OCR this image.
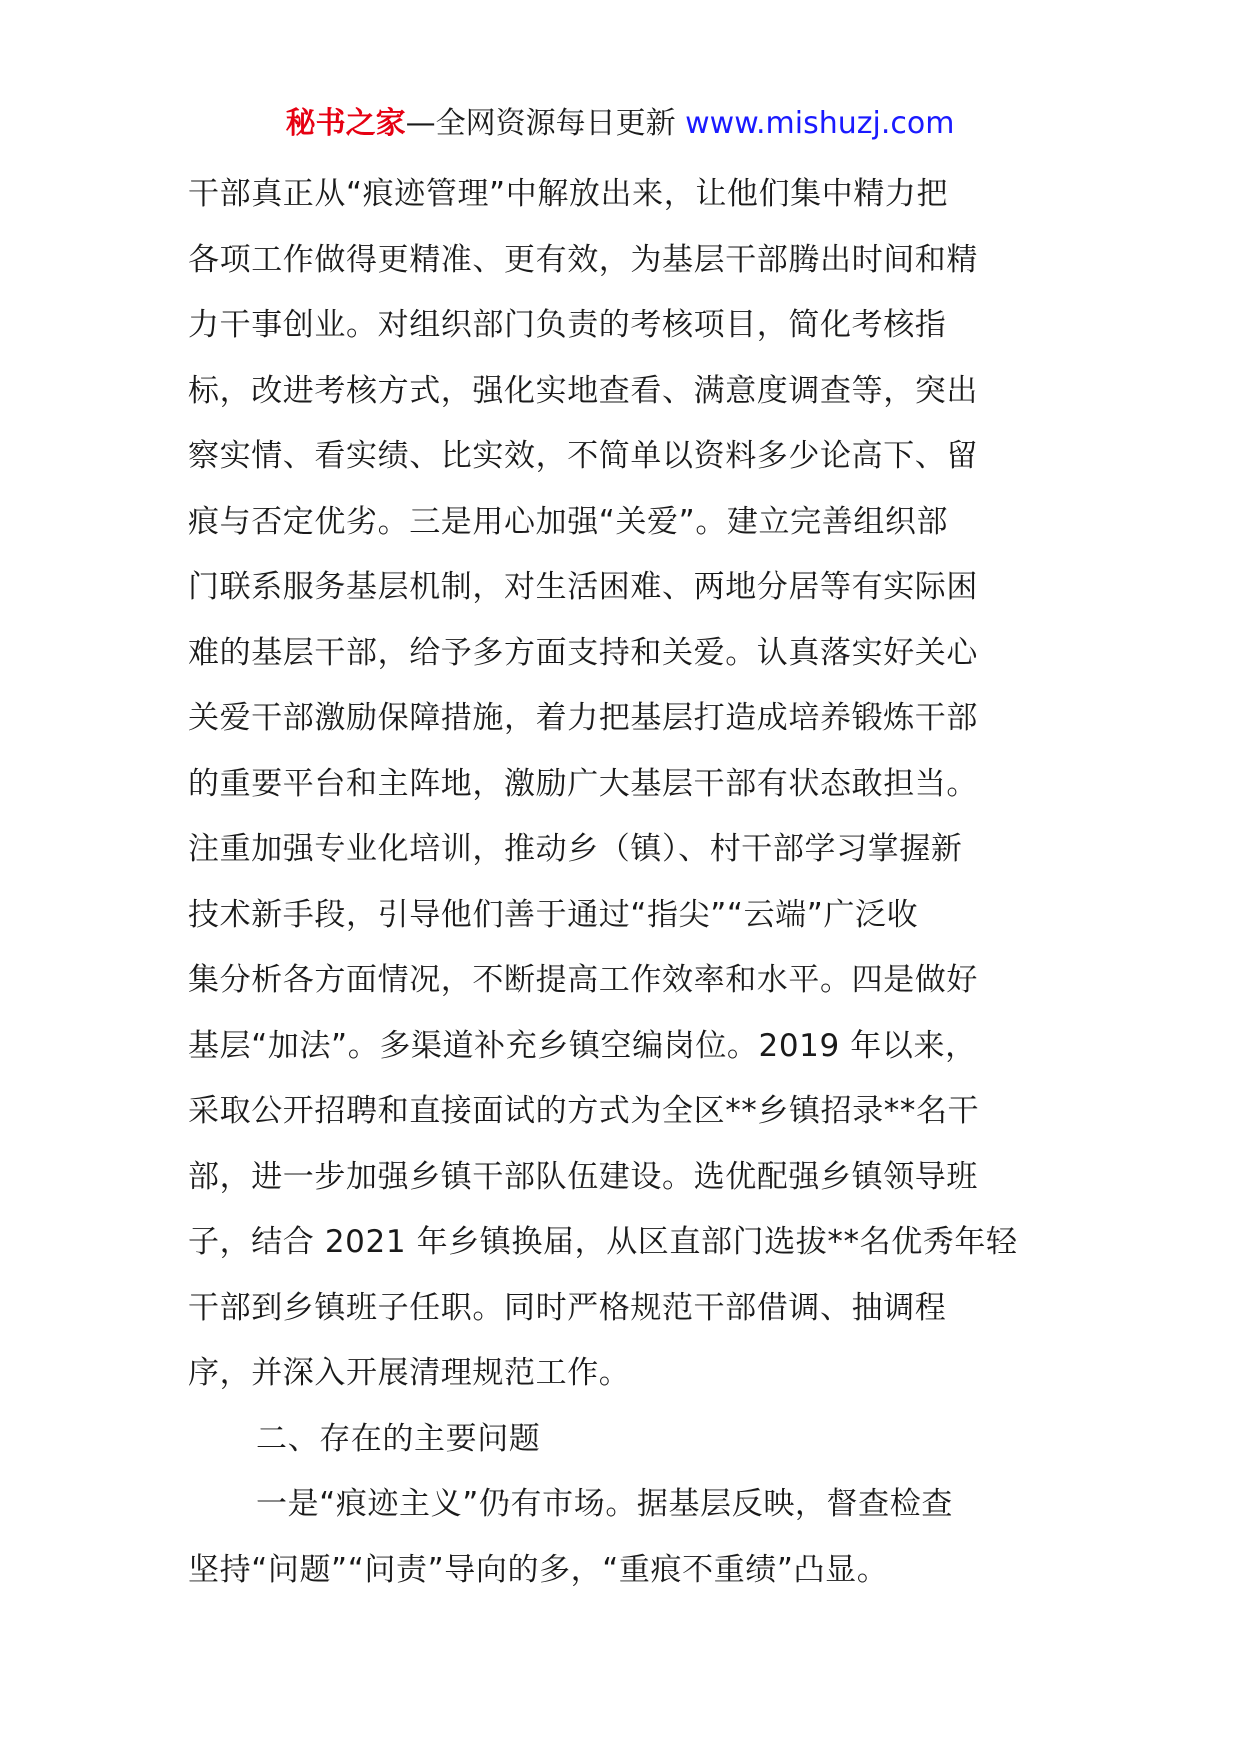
秘书之家—全网资源每日更新 www.mishuzj.com
干部真正从“痕迹管理”中解放出来，让他们集中精力把
各项工作做得更精准、更有效，为基层干部腾出时间和精
力干事创业。对组织部门负责的考核项目，简化考核指
标，改进考核方式，强化实地查看、满意度调查等，突出
察实情、看实绩、比实效，不简单以资料多少论高下、留
痕与否定优劣。三是用心加强“关爱”。建立完善组织部
门联系服务基层机制，对生活困难、两地分居等有实际困
难的基层干部，给予多方面支持和关爱。认真落实好关心
关爱干部激励保障措施，着力把基层打造成培养锻炼干部
的重要平台和主阵地，激励广大基层干部有状态敢担当。
注重加强专业化培训，推动乡（镇）、村干部学习掌握新
技术新手段，引导他们善于通过“指尖”“云端”广泛收
集分析各方面情况，不断提高工作效率和水平。四是做好
基层“加法”。多渠道补充乡镇空编岗位。2019 年以来，
采取公开招聘和直接面试的方式为全区**乡镇招录**名干
部，进一步加强乡镇干部队伍建设。选优配强乡镇领导班
子，结合 2021 年乡镇换届，从区直部门选拔**名优秀年轻
干部到乡镇班子任职。同时严格规范干部借调、抽调程
序，并深入开展清理规范工作。
二、存在的主要问题
一是“痕迹主义”仍有市场。据基层反映，督查检查
坚持“问题”“问责”导向的多，“重痕不重绩”凸显。
